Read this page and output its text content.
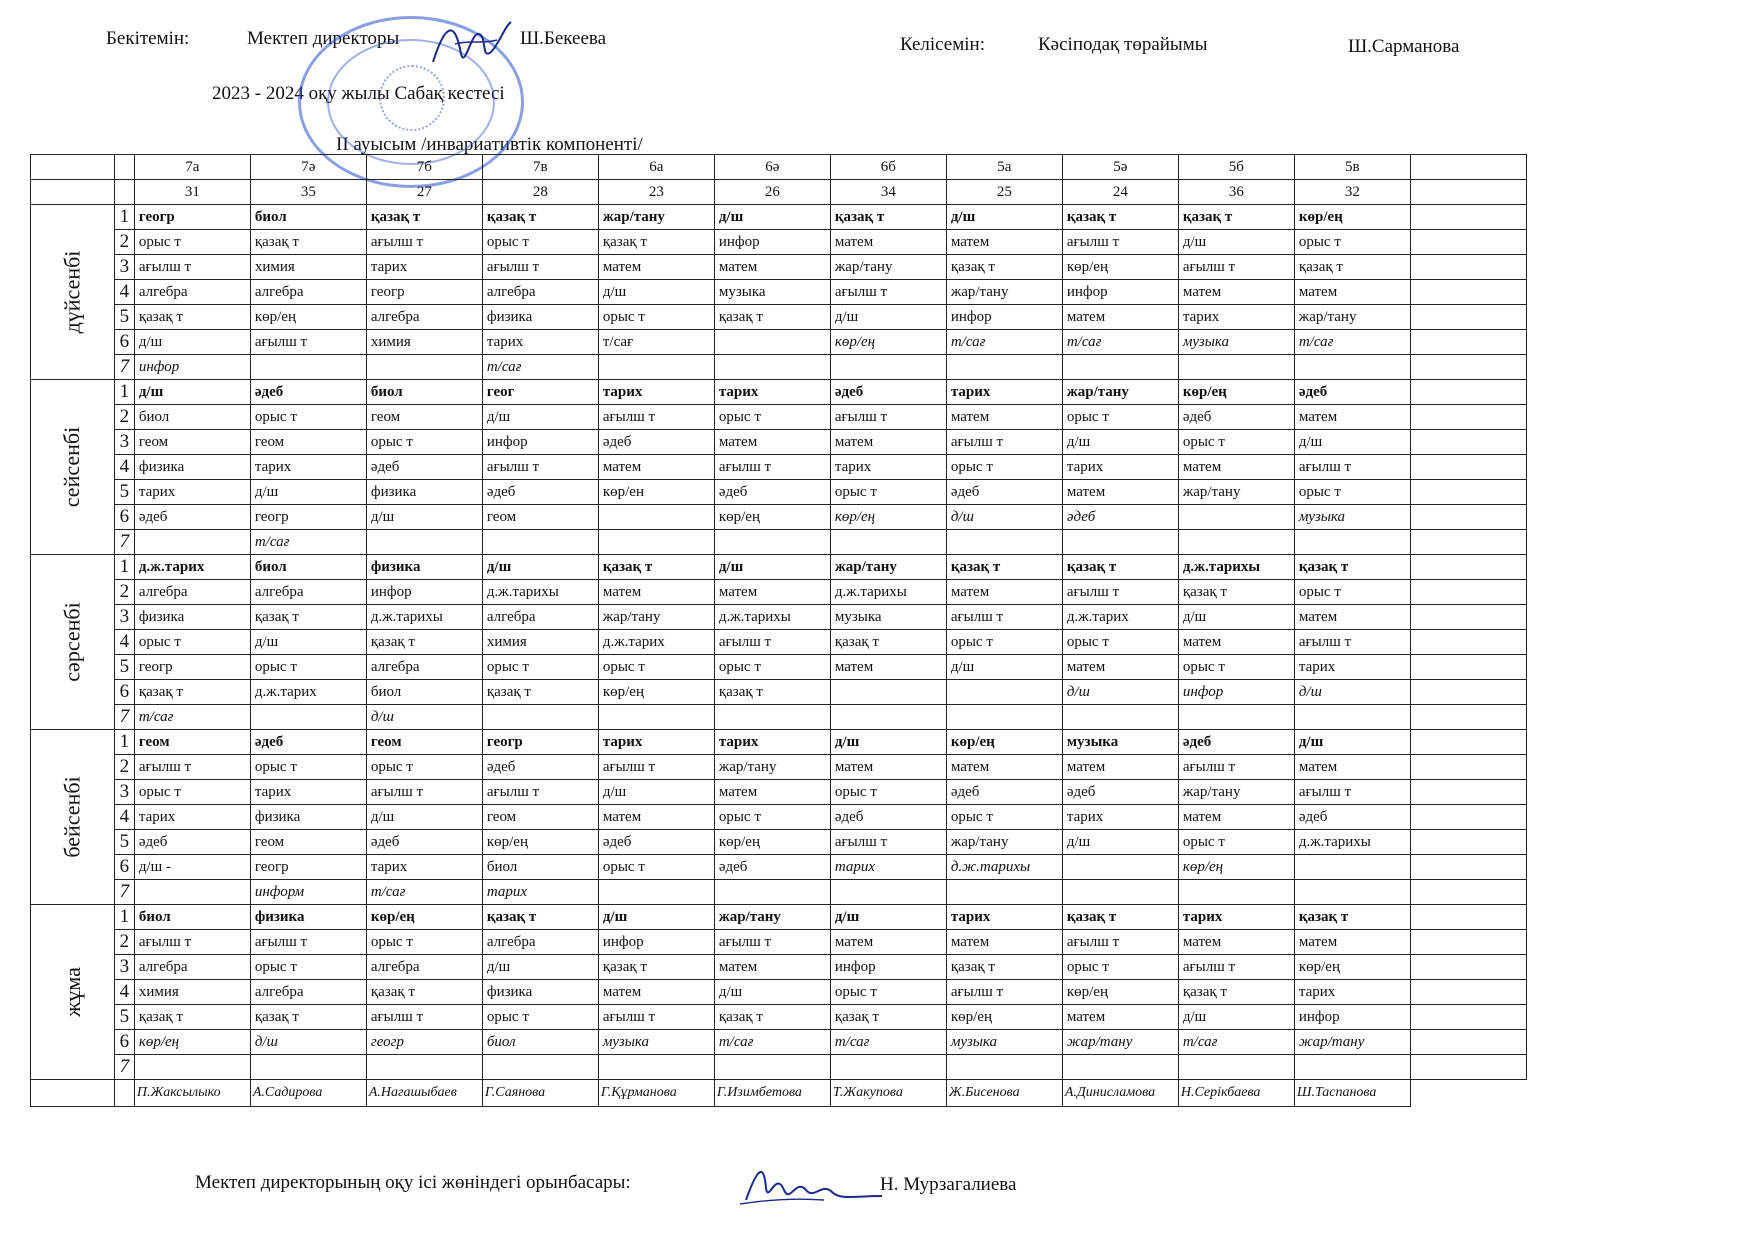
Бекітемін:	Мектеп директоры	Ш.Бекеева	Келісемін:	Кәсіподақ төрайымы	Ш.Сарманова
2023 - 2024 оқу жылы Сабақ кестесі
ІІ ауысым /инвариативтік компоненті/
		7а	7ә	7б	7в	6а	6ә	6б	5а	5ә	5б	5в	
		31	35	27	28	23	26	34	25	24	36	32	
дүйсенбі	1	геогр	биол	қазақ т	қазақ т	жар/тану	д/ш	қазақ т	д/ш	қазақ т	қазақ т	көр/ең	
	2	орыс т	қазақ т	ағылш т	орыс т	қазақ т	инфор	матем	матем	ағылш т	д/ш	орыс т	
	3	ағылш т	химия	тарих	ағылш т	матем	матем	жар/тану	қазақ т	көр/ең	ағылш т	қазақ т	
	4	алгебра	алгебра	геогр	алгебра	д/ш	музыка	ағылш т	жар/тану	инфор	матем	матем	
	5	қазақ т	көр/ең	алгебра	физика	орыс т	қазақ т	д/ш	инфор	матем	тарих	жар/тану	
	6	д/ш	ағылш т	химия	тарих	т/сағ		көр/ең	т/сағ	т/сағ	музыка	т/сағ	
	7	инфор			т/сағ								
сейсенбі	1	д/ш	әдеб	биол	геог	тарих	тарих	әдеб	тарих	жар/тану	көр/ең	әдеб	
	2	биол	орыс т	геом	д/ш	ағылш т	орыс т	ағылш т	матем	орыс т	әдеб	матем	
	3	геом	геом	орыс т	инфор	әдеб	матем	матем	ағылш т	д/ш	орыс т	д/ш	
	4	физика	тарих	әдеб	ағылш т	матем	ағылш т	тарих	орыс т	тарих	матем	ағылш т	
	5	тарих	д/ш	физика	әдеб	көр/ен	әдеб	орыс т	әдеб	матем	жар/тану	орыс т	
	6	әдеб	геогр	д/ш	геом		көр/ең	көр/ең	д/ш	әдеб		музыка	
	7		т/сағ										
сәрсенбі	1	д.ж.тарих	биол	физика	д/ш	қазақ т	д/ш	жар/тану	қазақ т	қазақ т	д.ж.тарихы	қазақ т	
	2	алгебра	алгебра	инфор	д.ж.тарихы	матем	матем	д.ж.тарихы	матем	ағылш т	қазақ т	орыс т	
	3	физика	қазақ т	д.ж.тарихы	алгебра	жар/тану	д.ж.тарихы	музыка	ағылш т	д.ж.тарих	д/ш	матем	
	4	орыс т	д/ш	қазақ т	химия	д.ж.тарих	ағылш т	қазақ т	орыс т	орыс т	матем	ағылш т	
	5	геогр	орыс т	алгебра	орыс т	орыс т	орыс т	матем	д/ш	матем	орыс т	тарих	
	6	қазақ т	д.ж.тарих	биол	қазақ т	көр/ең	қазақ т			д/ш	инфор	д/ш	
	7	т/сағ		д/ш									
бейсенбі	1	геом	әдеб	геом	геогр	тарих	тарих	д/ш	көр/ең	музыка	әдеб	д/ш	
	2	ағылш т	орыс т	орыс т	әдеб	ағылш т	жар/тану	матем	матем	матем	ағылш т	матем	
	3	орыс т	тарих	ағылш т	ағылш т	д/ш	матем	орыс т	әдеб	әдеб	жар/тану	ағылш т	
	4	тарих	физика	д/ш	геом	матем	орыс т	әдеб	орыс т	тарих	матем	әдеб	
	5	әдеб	геом	әдеб	көр/ең	әдеб	көр/ең	ағылш т	жар/тану	д/ш	орыс т	д.ж.тарихы	
	6	д/ш -	геогр	тарих	биол	орыс т	әдеб	тарих	д.ж.тарихы		көр/ең		
	7		информ	т/сағ	тарих								
жұма	1	биол	физика	көр/ең	қазақ т	д/ш	жар/тану	д/ш	тарих	қазақ т	тарих	қазақ т	
	2	ағылш т	ағылш т	орыс т	алгебра	инфор	ағылш т	матем	матем	ағылш т	матем	матем	
	3	алгебра	орыс т	алгебра	д/ш	қазақ т	матем	инфор	қазақ т	орыс т	ағылш т	көр/ең	
	4	химия	алгебра	қазақ т	физика	матем	д/ш	орыс т	ағылш т	көр/ең	қазақ т	тарих	
	5	қазақ т	қазақ т	ағылш т	орыс т	ағылш т	қазақ т	қазақ т	көр/ең	матем	д/ш	инфор	
	6	көр/ең	д/ш	геогр	биол	музыка	т/сағ	т/сағ	музыка	жар/тану	т/сағ	жар/тану	
	7												
		П.Жаксылыко	А.Садирова	А.Нагашыбаев	Г.Саянова	Г.Құрманова	Г.Изимбетова	Т.Жакупова	Ж.Бисенова	А.Динисламова	Н.Серікбаева	Ш.Таспанова	
Мектеп директорының оқу ісі жөніндегі орынбасары:	Н. Мурзагалиева
